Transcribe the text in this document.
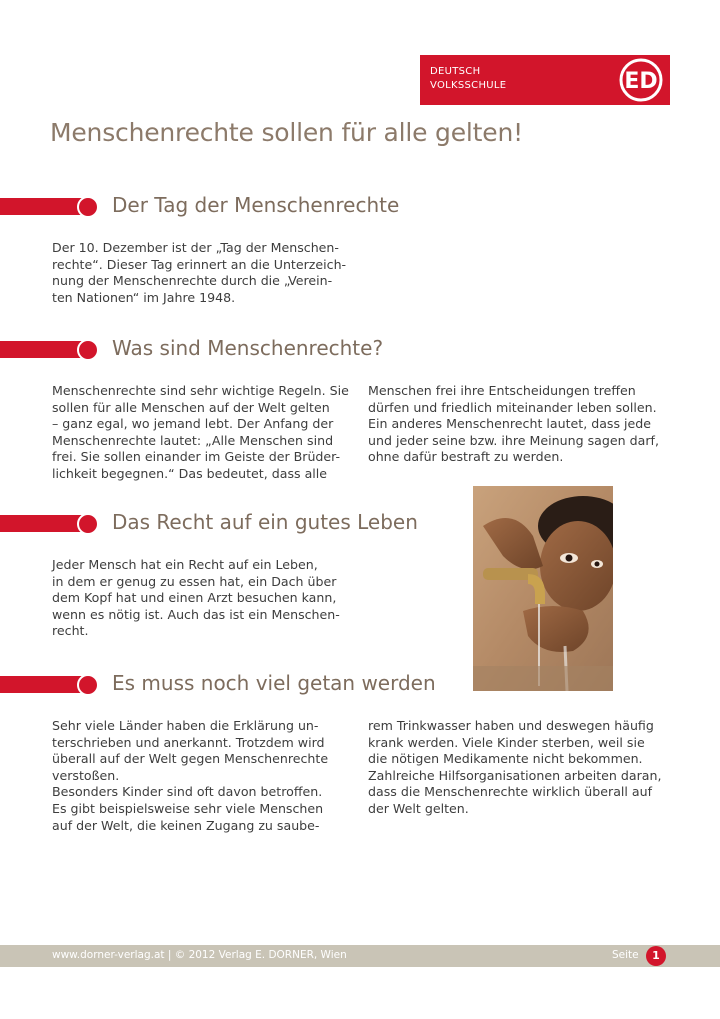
DEUTSCH
VOLKSSCHULE	ED
Menschenrechte sollen für alle gelten!
Der Tag der Menschenrechte

Der 10. Dezember ist der „Tag der Menschen-

rechte“. Dieser Tag erinnert an die Unterzeich-

nung der Menschenrechte durch die „Verein-

ten Nationen“ im Jahre 1948.

Was sind Menschenrechte?

Menschenrechte sind sehr wichtige Regeln. Sie

sollen für alle Menschen auf der Welt gelten

– ganz egal, wo jemand lebt. Der Anfang der

Menschenrechte lautet: „Alle Menschen sind

frei. Sie sollen einander im Geiste der Brüder-

lichkeit begegnen.“ Das bedeutet, dass alle

Menschen frei ihre Entscheidungen treffen

dürfen und friedlich miteinander leben sollen.

Ein anderes Menschenrecht lautet, dass jede

und jeder seine bzw. ihre Meinung sagen darf,

ohne dafür bestraft zu werden.

Das Recht auf ein gutes Leben

Jeder Mensch hat ein Recht auf ein Leben,

in dem er genug zu essen hat, ein Dach über

dem Kopf hat und einen Arzt besuchen kann,

wenn es nötig ist. Auch das ist ein Menschen-

recht.

Es muss noch viel getan werden

Sehr viele Länder haben die Erklärung un-

terschrieben und anerkannt. Trotzdem wird

überall auf der Welt gegen Menschenrechte

verstoßen.

Besonders Kinder sind oft davon betroffen.

Es gibt beispielsweise sehr viele Menschen

auf der Welt, die keinen Zugang zu saube-

rem Trinkwasser haben und deswegen häufig

krank werden. Viele Kinder sterben, weil sie

die nötigen Medikamente nicht bekommen.

Zahlreiche Hilfsorganisationen arbeiten daran,

dass die Menschenrechte wirklich überall auf

der Welt gelten.

www.dorner-verlag.at | © 2012 Verlag E. DORNER, Wien	Seite	1
